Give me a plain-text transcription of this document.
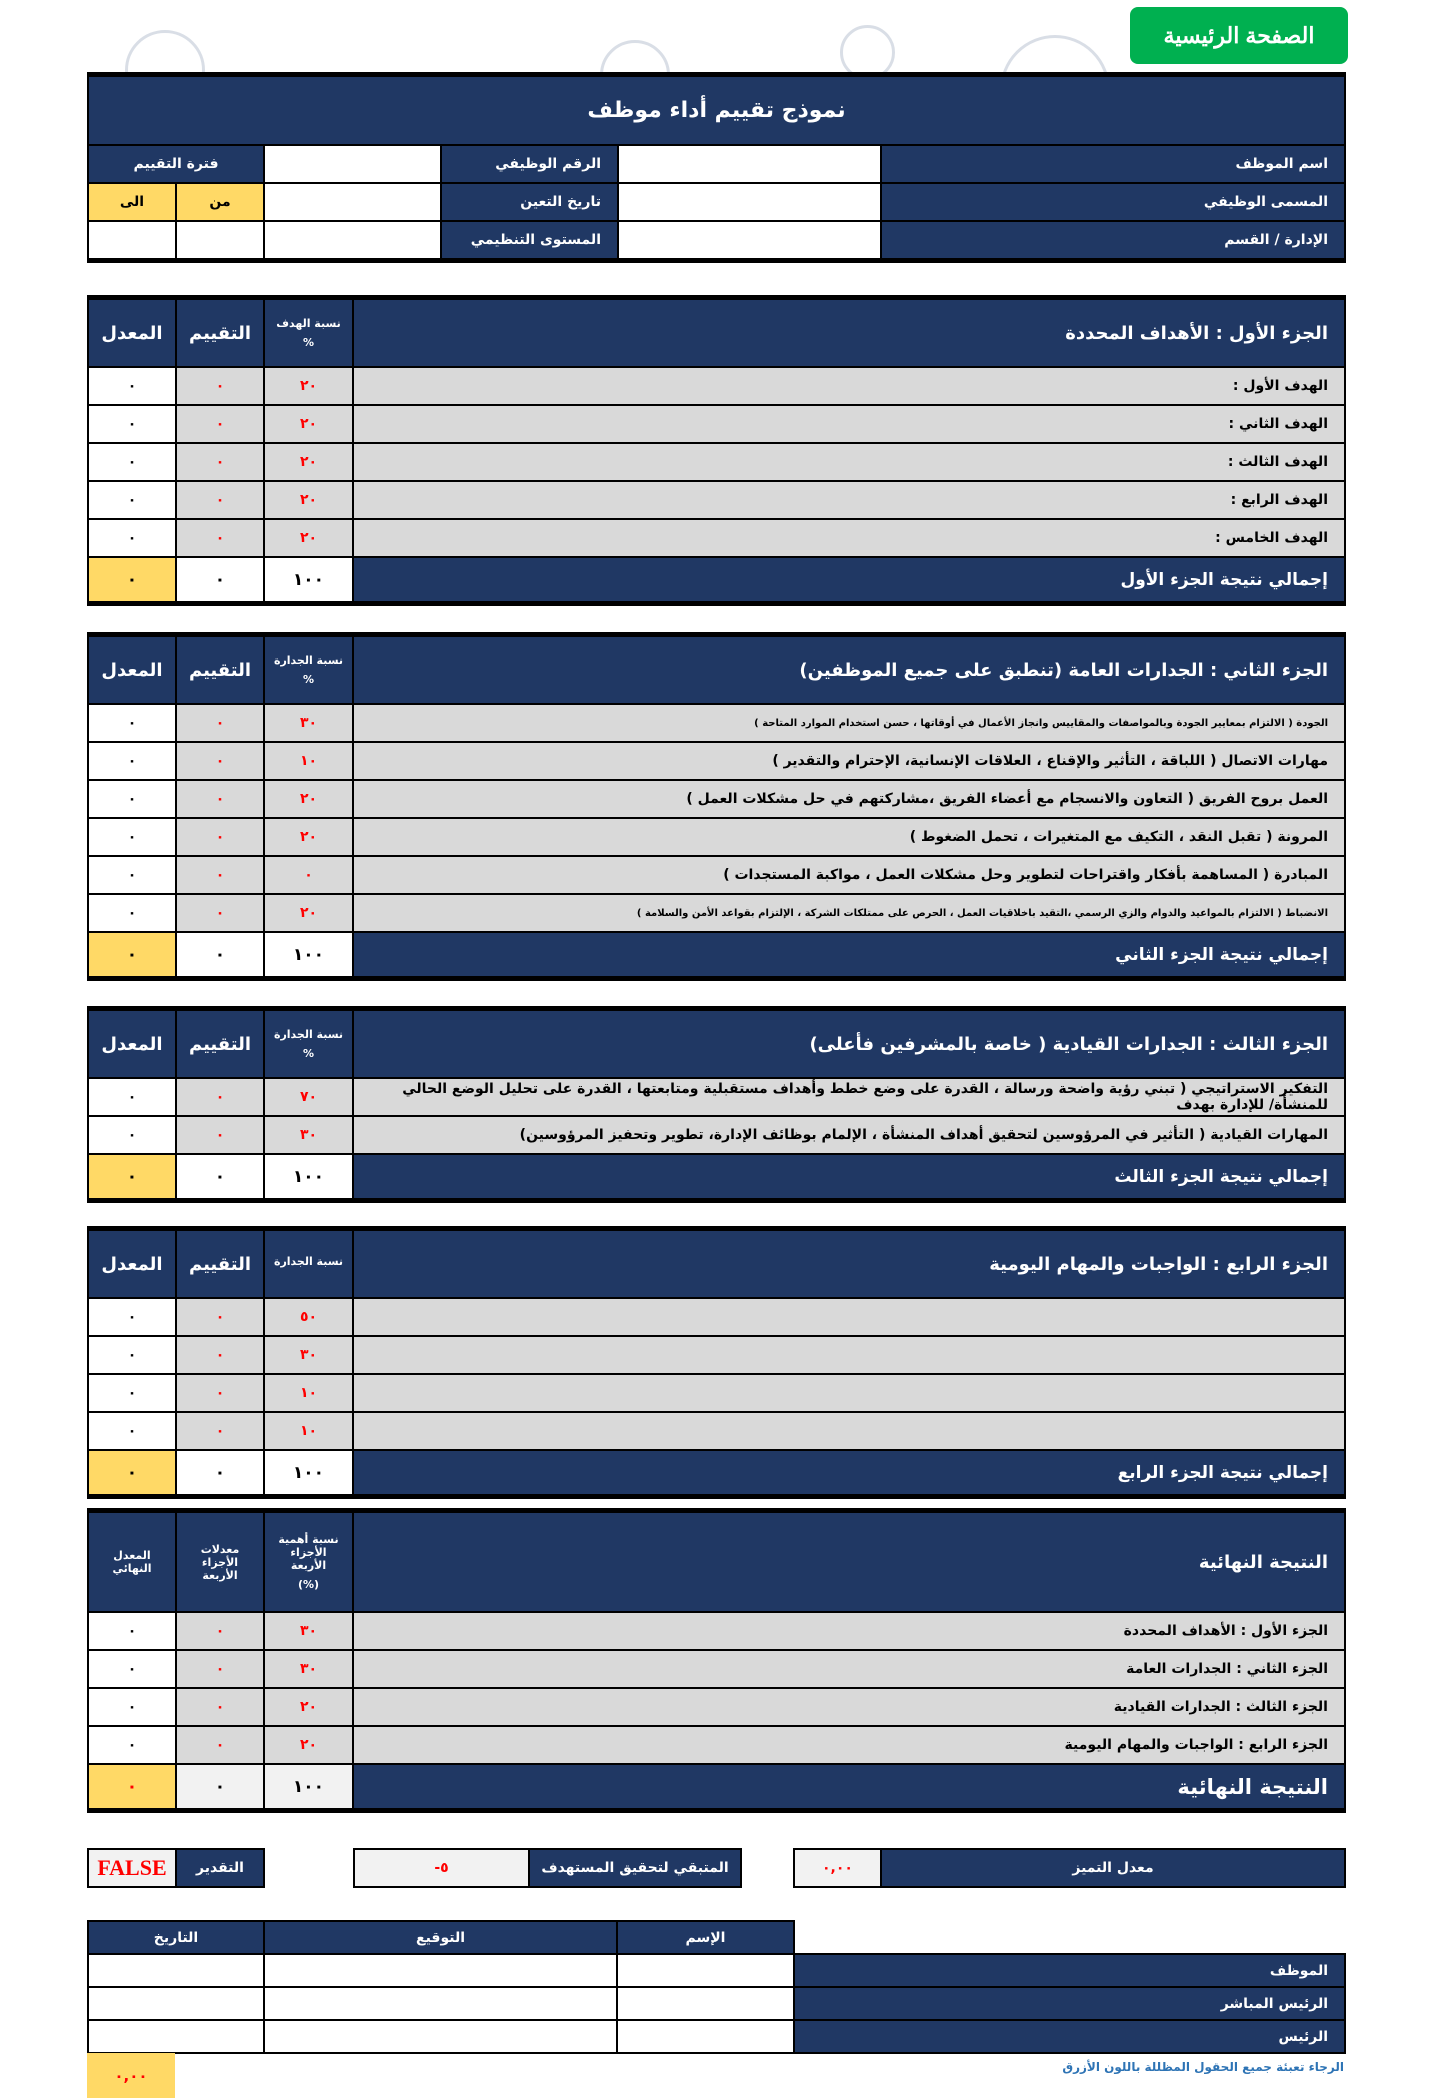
الصفحة الرئيسية
نموذج تقييم أداء موظف					
فترة التقييم			الرقم الوظيفي		اسم الموظف
الى	من		تاريخ التعين		المسمى الوظيفي
			المستوى التنظيمي		الإدارة / القسم
المعدل	التقييم	نسبة الهدف
%	الجزء الأول : الأهداف المحددة
٠	٠	٢٠	الهدف الأول :
٠	٠	٢٠	الهدف الثاني :
٠	٠	٢٠	الهدف الثالث :
٠	٠	٢٠	الهدف الرابع :
٠	٠	٢٠	الهدف الخامس :
٠	٠	١٠٠	إجمالي نتيجة الجزء الأول
المعدل	التقييم	نسبة الجدارة
%	الجزء الثاني : الجدارات العامة (تنطبق على جميع الموظفين)
٠	٠	٣٠	الجودة ( الالتزام بمعايير الجودة وبالمواصفات والمقاييس وانجاز الأعمال في أوقاتها ، حسن استخدام الموارد المتاحة )
٠	٠	١٠	مهارات الاتصال ( اللباقة ، التأثير والإقناع ، العلاقات الإنسانية، الإحترام والتقدير )
٠	٠	٢٠	العمل بروح الفريق ( التعاون والانسجام مع أعضاء الفريق ،مشاركتهم في حل مشكلات العمل )
٠	٠	٢٠	المرونة ( تقبل النقد ، التكيف مع المتغيرات ، تحمل الضغوط )
٠	٠	٠	المبادرة ( المساهمة بأفكار واقتراحات لتطوير وحل مشكلات العمل ، مواكبة المستجدات )
٠	٠	٢٠	الانضباط ( الالتزام بالمواعيد والدوام والزي الرسمي ،التقيد باخلاقيات العمل ، الحرص على ممتلكات الشركة ، الإلتزام بقواعد الأمن والسلامة )
٠	٠	١٠٠	إجمالي نتيجة الجزء الثاني
المعدل	التقييم	نسبة الجدارة
%	الجزء الثالث : الجدارات القيادية ( خاصة بالمشرفين فأعلى)
٠	٠	٧٠	التفكير الاستراتيجي ( تبني رؤية واضحة ورسالة ، القدرة على وضع خطط وأهداف مستقبلية ومتابعتها ، القدرة على تحليل الوضع الحالي للمنشأة/ للإدارة بهدف
٠	٠	٣٠	المهارات القيادية ( التأثير في المرؤوسين لتحقيق أهداف المنشأة ، الإلمام بوظائف الإدارة، تطوير وتحفيز المرؤوسين)
٠	٠	١٠٠	إجمالي نتيجة الجزء الثالث
المعدل	التقييم	نسبة الجدارة	الجزء الرابع : الواجبات والمهام اليومية
٠	٠	٥٠	
٠	٠	٣٠	
٠	٠	١٠	
٠	٠	١٠	
٠	٠	١٠٠	إجمالي نتيجة الجزء الرابع
المعدل النهائي	معدلات الأجزاء الأربعة	نسبة أهمية الأجزاء الأربعة
(%)	النتيجة النهائية
٠	٠	٣٠	الجزء الأول : الأهداف المحددة
٠	٠	٣٠	الجزء الثاني : الجدارات العامة
٠	٠	٢٠	الجزء الثالث : الجدارات القيادية
٠	٠	٢٠	الجزء الرابع : الواجبات والمهام اليومية
٠	٠	١٠٠	النتيجة النهائية
FALSE	التقدير		-٥	المتبقي لتحقيق المستهدف		٠,٠٠	معدل التميز
التاريخ	التوقيع	الإسم	
			الموظف
			الرئيس المباشر
			الرئيس
٠,٠٠	الرجاء تعبئة جميع الحقول المظللة باللون الأزرق
